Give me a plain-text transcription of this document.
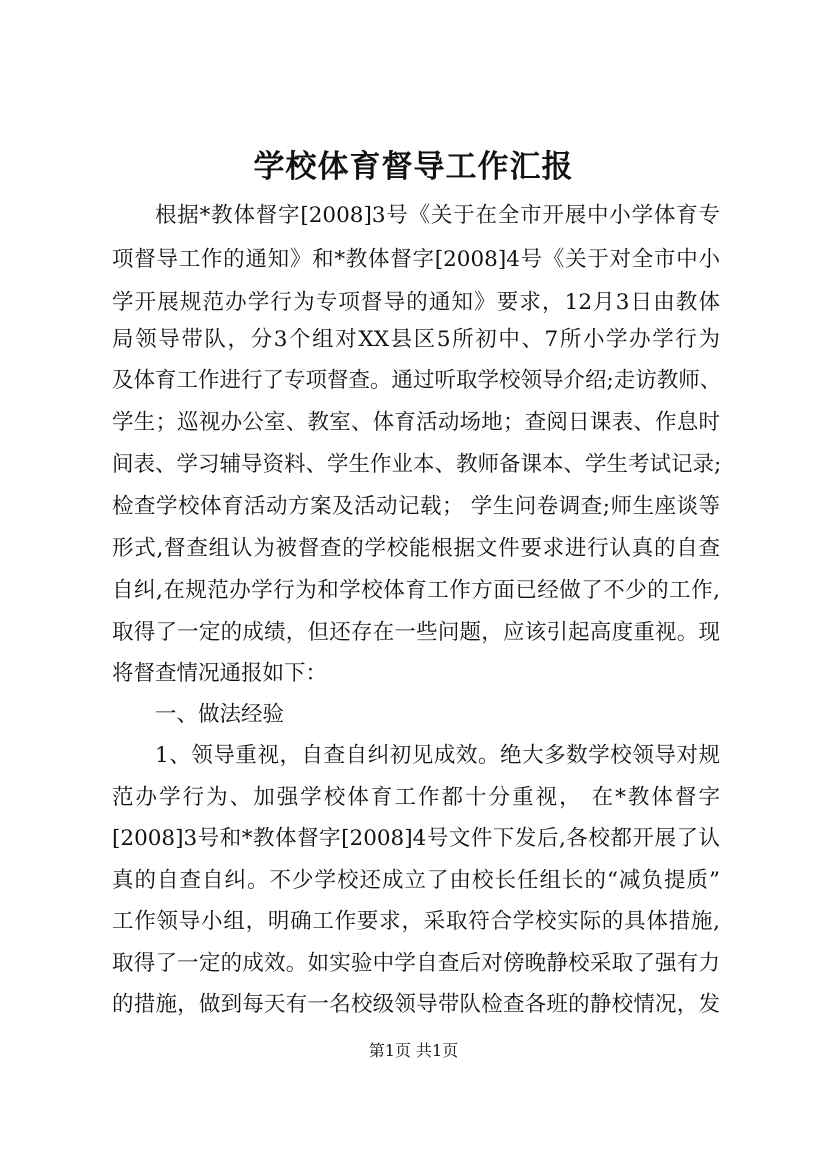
学校体育督导工作汇报
根据*教体督字[2008]3号《关于在全市开展中小学体育专
项督导工作的通知》和*教体督字[2008]4号《关于对全市中小
学开展规范办学行为专项督导的通知》要求，12月3日由教体
局领导带队，分3个组对XX县区5所初中、7所小学办学行为
及体育工作进行了专项督查。通过听取学校领导介绍;走访教师、
学生；巡视办公室、教室、体育活动场地；查阅日课表、作息时
间表、学习辅导资料、学生作业本、教师备课本、学生考试记录;
检查学校体育活动方案及活动记载； 学生问卷调查;师生座谈等
形式,督查组认为被督查的学校能根据文件要求进行认真的自查
自纠,在规范办学行为和学校体育工作方面已经做了不少的工作,
取得了一定的成绩，但还存在一些问题，应该引起高度重视。现
将督查情况通报如下：
一、做法经验
1、领导重视，自查自纠初见成效。绝大多数学校领导对规
范办学行为、加强学校体育工作都十分重视， 在*教体督字
[2008]3号和*教体督字[2008]4号文件下发后,各校都开展了认
真的自查自纠。不少学校还成立了由校长任组长的“减负提质”
工作领导小组，明确工作要求，采取符合学校实际的具体措施,
取得了一定的成效。如实验中学自查后对傍晚静校采取了强有力
的措施，做到每天有一名校级领导带队检查各班的静校情况，发
第1页 共1页
